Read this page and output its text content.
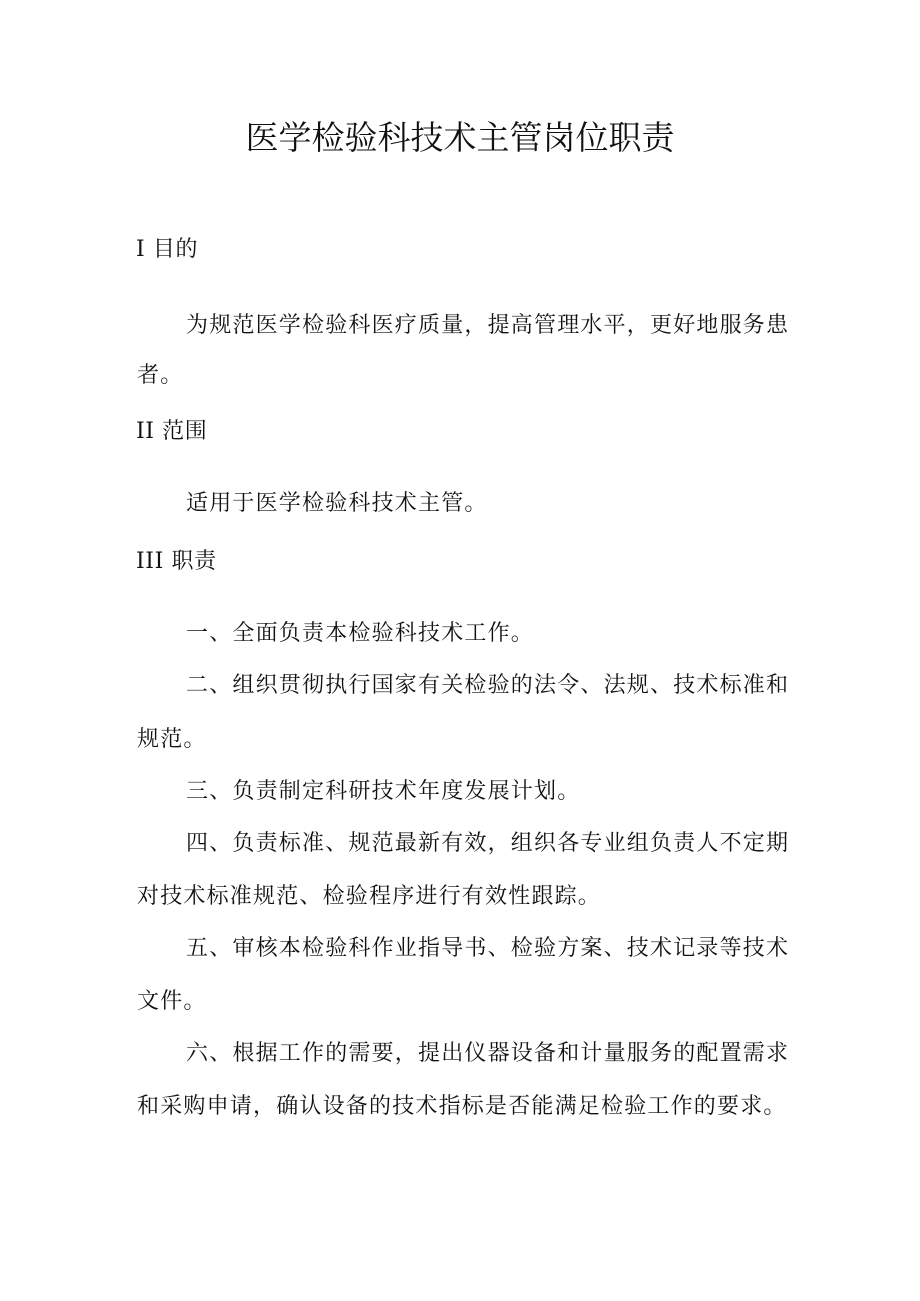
医学检验科技术主管岗位职责
I 目的
为规范医学检验科医疗质量，提高管理水平，更好地服务患
者。
II 范围
适用于医学检验科技术主管。
III 职责
一、全面负责本检验科技术工作。
二、组织贯彻执行国家有关检验的法令、法规、技术标准和
规范。
三、负责制定科研技术年度发展计划。
四、负责标准、规范最新有效，组织各专业组负责人不定期
对技术标准规范、检验程序进行有效性跟踪。
五、审核本检验科作业指导书、检验方案、技术记录等技术
文件。
六、根据工作的需要，提出仪器设备和计量服务的配置需求
和采购申请，确认设备的技术指标是否能满足检验工作的要求。
